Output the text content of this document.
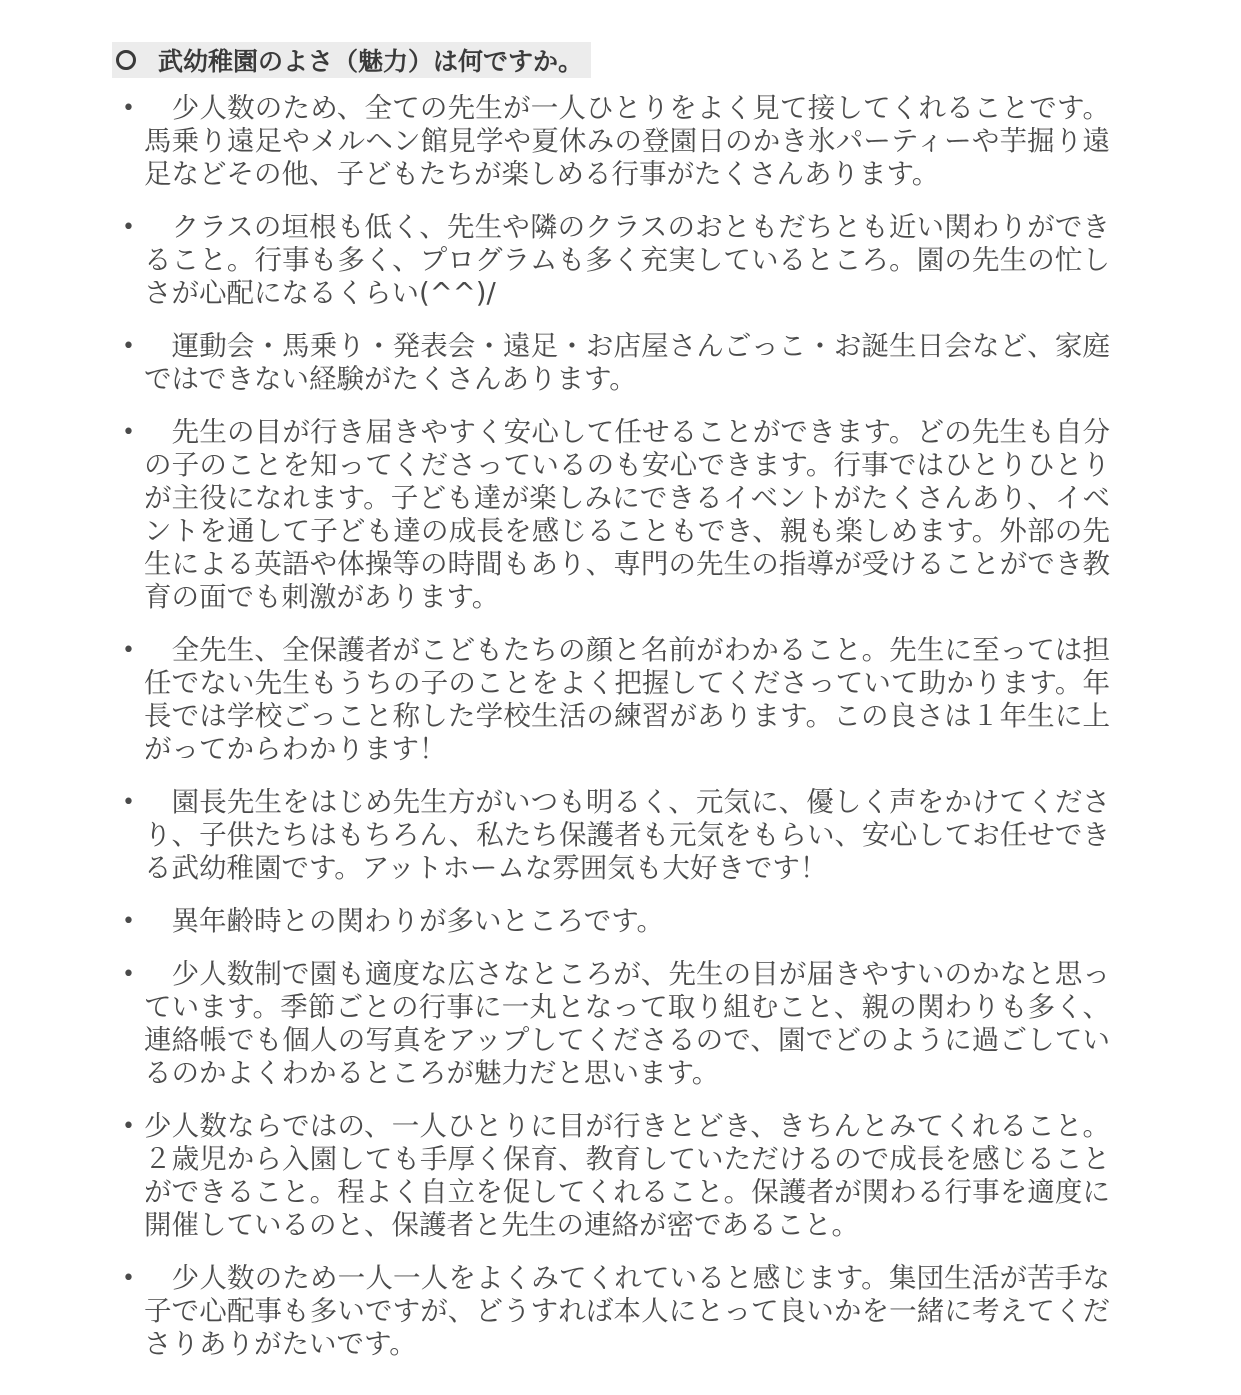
武幼稚園のよさ（魅力）は何ですか。
• 　少人数のため、全ての先生が一人ひとりをよく見て接してくれることです。馬乗り遠足やメルヘン館見学や夏休みの登園日のかき氷パーティーや芋掘り遠足などその他、子どもたちが楽しめる行事がたくさんあります。
• 　クラスの垣根も低く、先生や隣のクラスのおともだちとも近い関わりができること。行事も多く、プログラムも多く充実しているところ。園の先生の忙しさが心配になるくらい(^^)/
• 　運動会・馬乗り・発表会・遠足・お店屋さんごっこ・お誕生日会など、家庭ではできない経験がたくさんあります。
• 　先生の目が行き届きやすく安心して任せることができます。どの先生も自分の子のことを知ってくださっているのも安心できます。行事ではひとりひとりが主役になれます。子ども達が楽しみにできるイベントがたくさんあり、イベントを通して子ども達の成長を感じることもでき、親も楽しめます。外部の先生による英語や体操等の時間もあり、専門の先生の指導が受けることができ教育の面でも刺激があります。
• 　全先生、全保護者がこどもたちの顔と名前がわかること。先生に至っては担任でない先生もうちの子のことをよく把握してくださっていて助かります。年長では学校ごっこと称した学校生活の練習があります。この良さは１年生に上がってからわかります！
• 　園長先生をはじめ先生方がいつも明るく、元気に、優しく声をかけてくださり、子供たちはもちろん、私たち保護者も元気をもらい、安心してお任せできる武幼稚園です。アットホームな雰囲気も大好きです！
• 　異年齢時との関わりが多いところです。
• 　少人数制で園も適度な広さなところが、先生の目が届きやすいのかなと思っています。季節ごとの行事に一丸となって取り組むこと、親の関わりも多く、連絡帳でも個人の写真をアップしてくださるので、園でどのように過ごしているのかよくわかるところが魅力だと思います。
• 少人数ならではの、一人ひとりに目が行きとどき、きちんとみてくれること。２歳児から入園しても手厚く保育、教育していただけるので成長を感じることができること。程よく自立を促してくれること。保護者が関わる行事を適度に開催しているのと、保護者と先生の連絡が密であること。
• 　少人数のため一人一人をよくみてくれていると感じます。集団生活が苦手な子で心配事も多いですが、どうすれば本人にとって良いかを一緒に考えてくださりありがたいです。
